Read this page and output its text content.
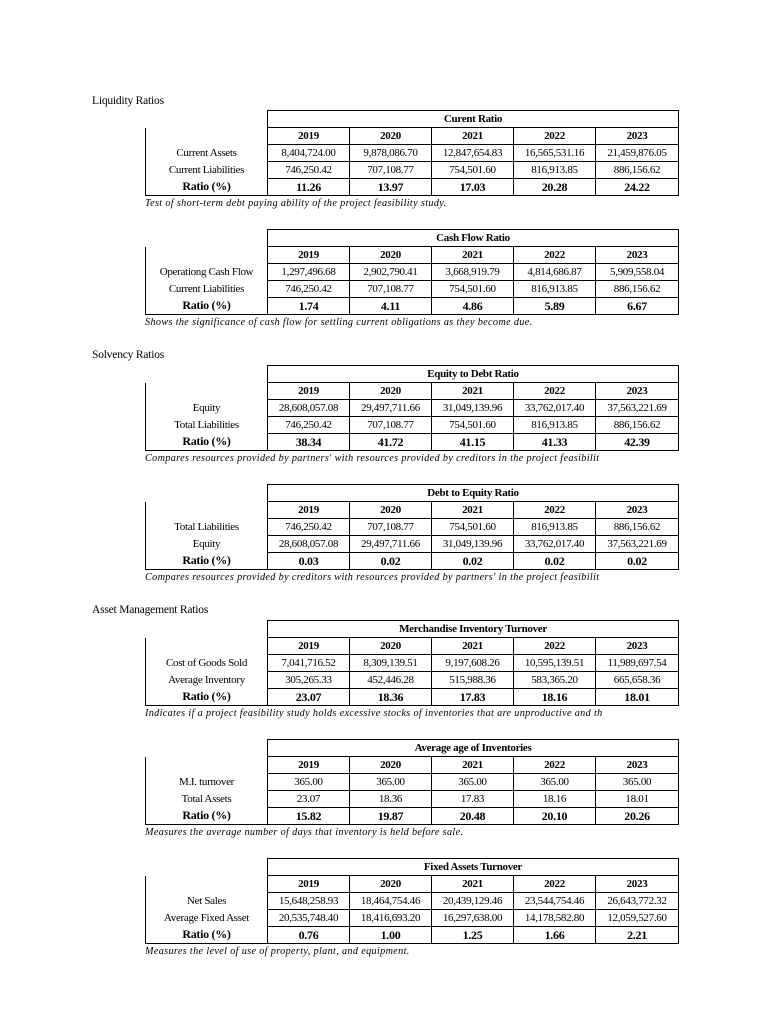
Liquidity Ratios
Solvency Ratios
Asset Management Ratios
	Curent Ratio				
	2019	2020	2021	2022	2023
Current Assets	8,404,724.00	9,878,086.70	12,847,654.83	16,565,531.16	21,459,876.05
Current Liabilities	746,250.42	707,108.77	754,501.60	816,913.85	886,156.62
Ratio (%)	11.26	13.97	17.03	20.28	24.22
Test of short-term debt paying ability of the project feasibility study.
	Cash Flow Ratio				
	2019	2020	2021	2022	2023
Operationg Cash Flow	1,297,496.68	2,902,790.41	3,668,919.79	4,814,686.87	5,909,558.04
Current Liabilities	746,250.42	707,108.77	754,501.60	816,913.85	886,156.62
Ratio (%)	1.74	4.11	4.86	5.89	6.67
Shows the significance of cash flow for settling current obligations as they become due.
	Equity to Debt Ratio				
	2019	2020	2021	2022	2023
Equity	28,608,057.08	29,497,711.66	31,049,139.96	33,762,017.40	37,563,221.69
Total Liabilities	746,250.42	707,108.77	754,501.60	816,913.85	886,156.62
Ratio (%)	38.34	41.72	41.15	41.33	42.39
Compares resources provided by partners' with resources provided by creditors in the project feasibilit
	Debt to Equity Ratio				
	2019	2020	2021	2022	2023
Total Liabilities	746,250.42	707,108.77	754,501.60	816,913.85	886,156.62
Equity	28,608,057.08	29,497,711.66	31,049,139.96	33,762,017.40	37,563,221.69
Ratio (%)	0.03	0.02	0.02	0.02	0.02
Compares resources provided by creditors with resources provided by partners' in the project feasibilit
	Merchandise Inventory Turnover				
	2019	2020	2021	2022	2023
Cost of Goods Sold	7,041,716.52	8,309,139.51	9,197,608.26	10,595,139.51	11,989,697.54
Average Inventory	305,265.33	452,446.28	515,988.36	583,365.20	665,658.36
Ratio (%)	23.07	18.36	17.83	18.16	18.01
Indicates if a project feasibility study holds excessive stocks of inventories that are unproductive and th
	Average age of Inventories				
	2019	2020	2021	2022	2023
M.I. turnover	365.00	365.00	365.00	365.00	365.00
Total Assets	23.07	18.36	17.83	18.16	18.01
Ratio (%)	15.82	19.87	20.48	20.10	20.26
Measures the average number of days that inventory is held before sale.
	Fixed Assets Turnover				
	2019	2020	2021	2022	2023
Net Sales	15,648,258.93	18,464,754.46	20,439,129.46	23,544,754.46	26,643,772.32
Average Fixed Asset	20,535,748.40	18,416,693.20	16,297,638.00	14,178,582.80	12,059,527.60
Ratio (%)	0.76	1.00	1.25	1.66	2.21
Measures the level of use of property, plant, and equipment.
